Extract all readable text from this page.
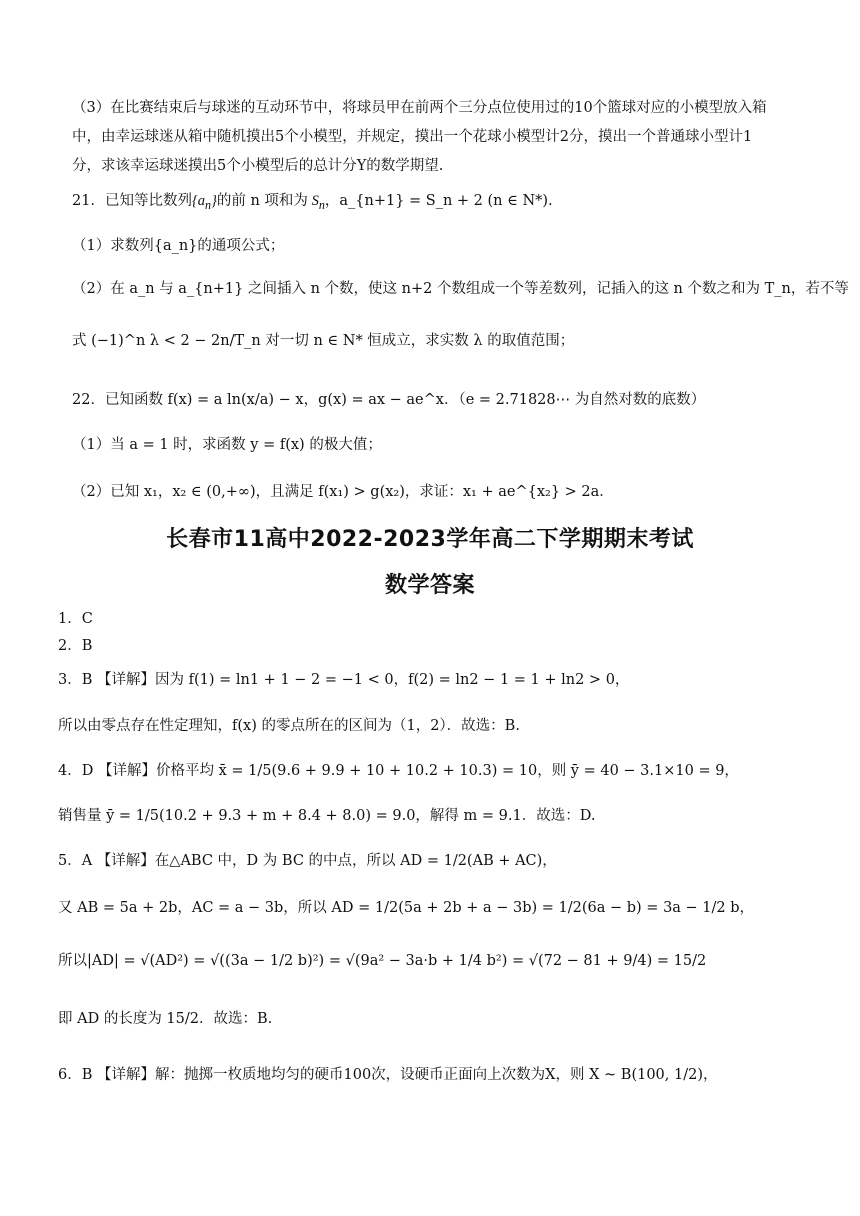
（3）在比赛结束后与球迷的互动环节中，将球员甲在前两个三分点位使用过的10个篮球对应的小模型放入箱
中，由幸运球迷从箱中随机摸出5个小模型，并规定，摸出一个花球小模型计2分，摸出一个普通球小型计1
分，求该幸运球迷摸出5个小模型后的总计分Y的数学期望.
21．已知等比数列$\{a_n\}$的前 n 项和为 $S_n$，a_{n+1} = S_n + 2 (n ∈ N*).
（1）求数列{a_n}的通项公式；
（2）在 a_n 与 a_{n+1} 之间插入 n 个数，使这 n+2 个数组成一个等差数列，记插入的这 n 个数之和为 T_n，若不等
式 (−1)^n λ < 2 − 2n/T_n 对一切 n ∈ N* 恒成立，求实数 λ 的取值范围；
22．已知函数 f(x) = a ln(x/a) − x，g(x) = ax − ae^x．（e = 2.71828⋯ 为自然对数的底数）
（1）当 a = 1 时，求函数 y = f(x) 的极大值；
（2）已知 x₁，x₂ ∈ (0,+∞)，且满足 f(x₁) > g(x₂)，求证：x₁ + ae^{x₂} > 2a．
长春市11高中2022-2023学年高二下学期期末考试
数学答案
1．C
2．B
3．B 【详解】因为 f(1) = ln1 + 1 − 2 = −1 < 0，f(2) = ln2 − 1 = 1 + ln2 > 0，
所以由零点存在性定理知，f(x) 的零点所在的区间为（1，2）．故选：B.
4．D 【详解】价格平均 x̄ = 1/5(9.6 + 9.9 + 10 + 10.2 + 10.3) = 10，则 ȳ = 40 − 3.1×10 = 9，
销售量 ȳ = 1/5(10.2 + 9.3 + m + 8.4 + 8.0) = 9.0，解得 m = 9.1．故选：D.
5．A 【详解】在△ABC 中，D 为 BC 的中点，所以 AD = 1/2(AB + AC)，
又 AB = 5a + 2b，AC = a − 3b，所以 AD = 1/2(5a + 2b + a − 3b) = 1/2(6a − b) = 3a − 1/2 b，
所以|AD| = √(AD²) = √((3a − 1/2 b)²) = √(9a² − 3a·b + 1/4 b²) = √(72 − 81 + 9/4) = 15/2
即 AD 的长度为 15/2．故选：B.
6．B 【详解】解：抛掷一枚质地均匀的硬币100次，设硬币正面向上次数为X，则 X ~ B(100, 1/2)，
